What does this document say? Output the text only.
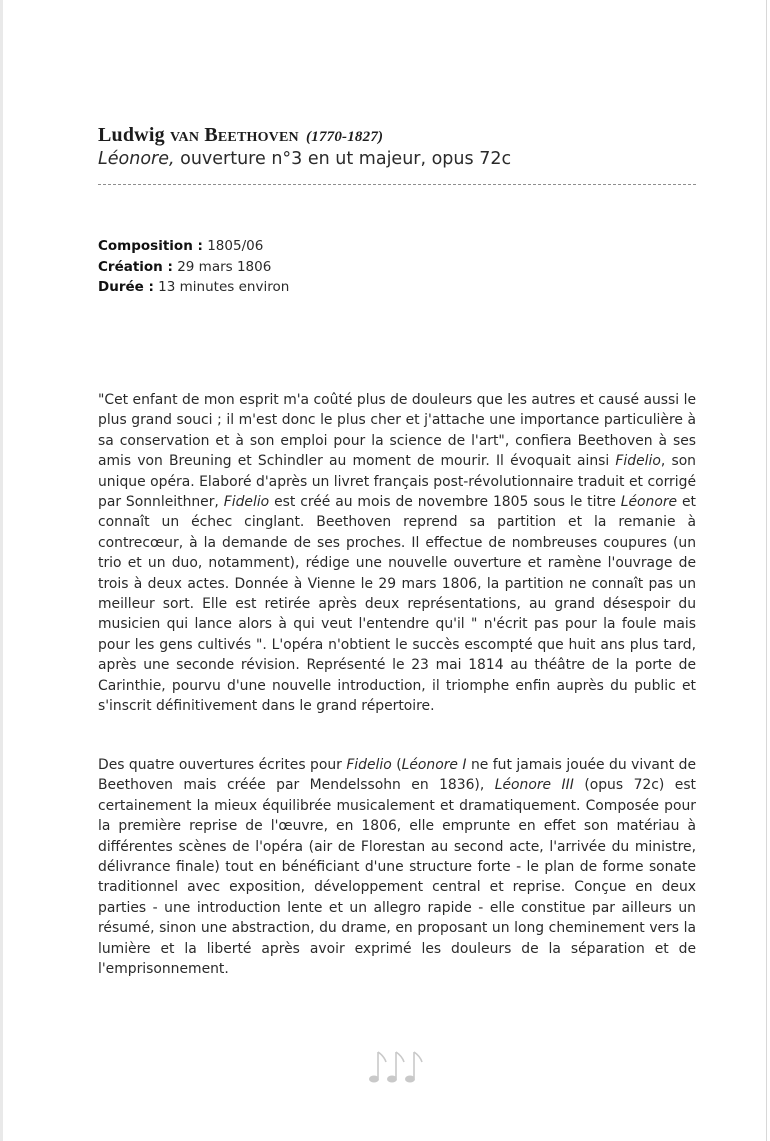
Ludwig van Beethoven (1770-1827)
Léonore, ouverture n°3 en ut majeur, opus 72c
Composition : 1805/06
Création : 29 mars 1806
Durée : 13 minutes environ

"Cet enfant de mon esprit m'a coûté plus de douleurs que les autres et causé aussi le plus grand souci ; il m'est donc le plus cher et j'attache une importance particulière à sa conservation et à son emploi pour la science de l'art", confiera Beethoven à ses amis von Breuning et Schindler au moment de mourir. Il évoquait ainsi Fidelio, son unique opéra. Elaboré d'après un livret français post-révolutionnaire traduit et corrigé par Sonnleithner, Fidelio est créé au mois de novembre 1805 sous le titre Léonore et connaît un échec cinglant. Beethoven reprend sa partition et la remanie à contrecœur, à la demande de ses proches. Il effectue de nombreuses coupures (un trio et un duo, notamment), rédige une nouvelle ouverture et ramène l'ouvrage de trois à deux actes. Donnée à Vienne le 29 mars 1806, la partition ne connaît pas un meilleur sort. Elle est retirée après deux représentations, au grand désespoir du musicien qui lance alors à qui veut l'entendre qu'il " n'écrit pas pour la foule mais pour les gens cultivés ". L'opéra n'obtient le succès escompté que huit ans plus tard, après une seconde révision. Représenté le 23 mai 1814 au théâtre de la porte de Carinthie, pourvu d'une nouvelle introduction, il triomphe enfin auprès du public et s'inscrit définitivement dans le grand répertoire.

Des quatre ouvertures écrites pour Fidelio (Léonore I ne fut jamais jouée du vivant de Beethoven mais créée par Mendelssohn en 1836), Léonore III (opus 72c) est certainement la mieux équilibrée musicalement et dramatiquement. Composée pour la première reprise de l'œuvre, en 1806, elle emprunte en effet son matériau à différentes scènes de l'opéra (air de Florestan au second acte, l'arrivée du ministre, délivrance finale) tout en bénéficiant d'une structure forte - le plan de forme sonate traditionnel avec exposition, développement central et reprise. Conçue en deux parties - une introduction lente et un allegro rapide - elle constitue par ailleurs un résumé, sinon une abstraction, du drame, en proposant un long cheminement vers la lumière et la liberté après avoir exprimé les douleurs de la séparation et de l'emprisonnement.
